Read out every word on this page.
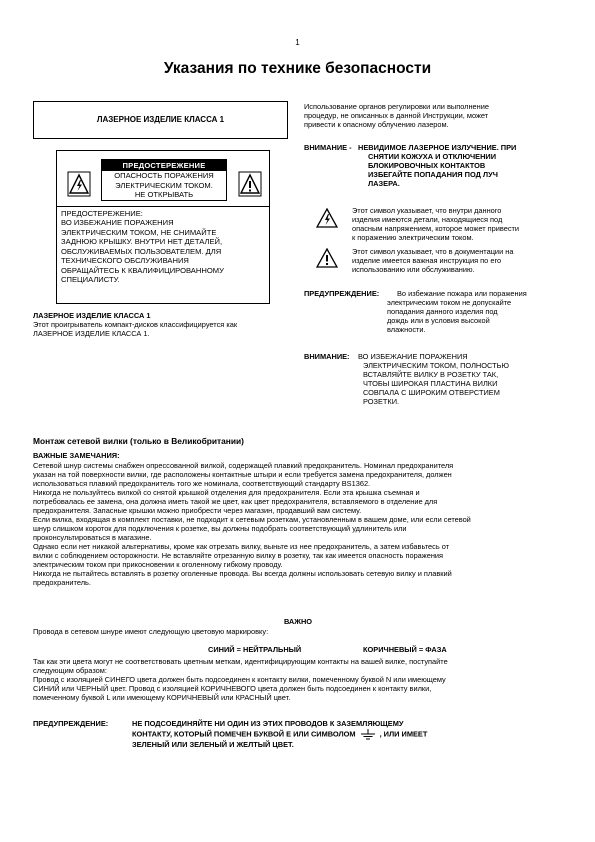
1
Указания по технике безопасности
ЛАЗЕРНОЕ ИЗДЕЛИЕ КЛАССА 1
ПРЕДОСТЕРЕЖЕНИЕ
ОПАСНОСТЬ ПОРАЖЕНИЯ
ЭЛЕКТРИЧЕСКИМ ТОКОМ.
НЕ ОТКРЫВАТЬ
ПРЕДОСТЕРЕЖЕНИЕ:
ВО ИЗБЕЖАНИЕ ПОРАЖЕНИЯ
ЭЛЕКТРИЧЕСКИМ ТОКОМ, НЕ СНИМАЙТЕ
ЗАДНЮЮ КРЫШКУ. ВНУТРИ НЕТ ДЕТАЛЕЙ,
ОБСЛУЖИВАЕМЫХ ПОЛЬЗОВАТЕЛЕМ. ДЛЯ
ТЕХНИЧЕСКОГО ОБСЛУЖИВАНИЯ
ОБРАЩАЙТЕСЬ К КВАЛИФИЦИРОВАННОМУ
СПЕЦИАЛИСТУ.
ЛАЗЕРНОЕ ИЗДЕЛИЕ КЛАССА 1
Этот проигрыватель компакт-дисков классифицируется как
ЛАЗЕРНОЕ ИЗДЕЛИЕ КЛАССА 1.
Использование органов регулировки или выполнение
процедур, не описанных в данной Инструкции, может
привести к опасному облучению лазером.
ВНИМАНИЕ - НЕВИДИМОЕ ЛАЗЕРНОЕ ИЗЛУЧЕНИЕ. ПРИ
СНЯТИИ КОЖУХА И ОТКЛЮЧЕНИИ
БЛОКИРОВОЧНЫХ КОНТАКТОВ
ИЗБЕГАЙТЕ ПОПАДАНИЯ ПОД ЛУЧ
ЛАЗЕРА.
Этот символ указывает, что внутри данного
изделия имеются детали, находящиеся под
опасным напряжением, которое может привести
к поражению электрическим током.
Этот символ указывает, что в документации на
изделие имеется важная инструкция по его
использованию или обслуживанию.
ПРЕДУПРЕЖДЕНИЕ: Во избежание пожара или поражения
электрическим током не допускайте
попадания данного изделия под
дождь или в условия высокой
влажности.
ВНИМАНИЕ: ВО ИЗБЕЖАНИЕ ПОРАЖЕНИЯ
ЭЛЕКТРИЧЕСКИМ ТОКОМ, ПОЛНОСТЬЮ
ВСТАВЛЯЙТЕ ВИЛКУ В РОЗЕТКУ ТАК,
ЧТОБЫ ШИРОКАЯ ПЛАСТИНА ВИЛКИ
СОВПАЛА С ШИРОКИМ ОТВЕРСТИЕМ
РОЗЕТКИ.
Монтаж сетевой вилки (только в Великобритании)
ВАЖНЫЕ ЗАМЕЧАНИЯ:
Сетевой шнур системы снабжен опрессованной вилкой, содержащей плавкий предохранитель. Номинал предохранителя
указан на той поверхности вилки, где расположены контактные штыри и если требуется замена предохранителя, должен
использоваться плавкий предохранитель того же номинала, соответствующий стандарту BS1362.
Никогда не пользуйтесь вилкой со снятой крышкой отделения для предохранителя. Если эта крышка съемная и
потребовалась ее замена, она должна иметь такой же цвет, как цвет предохранителя, вставляемого в отделение для
предохранителя. Запасные крышки можно приобрести через магазин, продавший вам систему.
Если вилка, входящая в комплект поставки, не подходит к сетевым розеткам, установленным в вашем доме, или если сетевой
шнур слишком короток для подключения к розетке, вы должны подобрать соответствующий удлинитель или
проконсультироваться в магазине.
Однако если нет никакой альтернативы, кроме как отрезать вилку, выньте из нее предохранитель, а затем избавьтесь от
вилки с соблюдением осторожности. Не вставляйте отрезанную вилку в розетку, так как имеется опасность поражения
электрическим током при прикосновении к оголенному гибкому проводу.
Никогда не пытайтесь вставлять в розетку оголенные провода. Вы всегда должны использовать сетевую вилку и плавкий
предохранитель.
ВАЖНО
Провода в сетевом шнуре имеют следующую цветовую маркировку:
СИНИЙ = НЕЙТРАЛЬНЫЙ	КОРИЧНЕВЫЙ = ФАЗА
Так как эти цвета могут не соответствовать цветным меткам, идентифицирующим контакты на вашей вилке, поступайте
следующим образом:
Провод с изоляцией СИНЕГО цвета должен быть подсоединен к контакту вилки, помеченному буквой N или имеющему
СИНИЙ или ЧЕРНЫЙ цвет. Провод с изоляцией КОРИЧНЕВОГО цвета должен быть подсоединен к контакту вилки,
помеченному буквой L или имеющему КОРИЧНЕВЫЙ или КРАСНЫЙ цвет.
ПРЕДУПРЕЖДЕНИЕ:	НЕ ПОДСОЕДИНЯЙТЕ НИ ОДИН ИЗ ЭТИХ ПРОВОДОВ К ЗАЗЕМЛЯЮЩЕМУ
КОНТАКТУ, КОТОРЫЙ ПОМЕЧЕН БУКВОЙ Е ИЛИ СИМВОЛОМ	, ИЛИ ИМЕЕТ
ЗЕЛЕНЫЙ ИЛИ ЗЕЛЕНЫЙ И ЖЕЛТЫЙ ЦВЕТ.
